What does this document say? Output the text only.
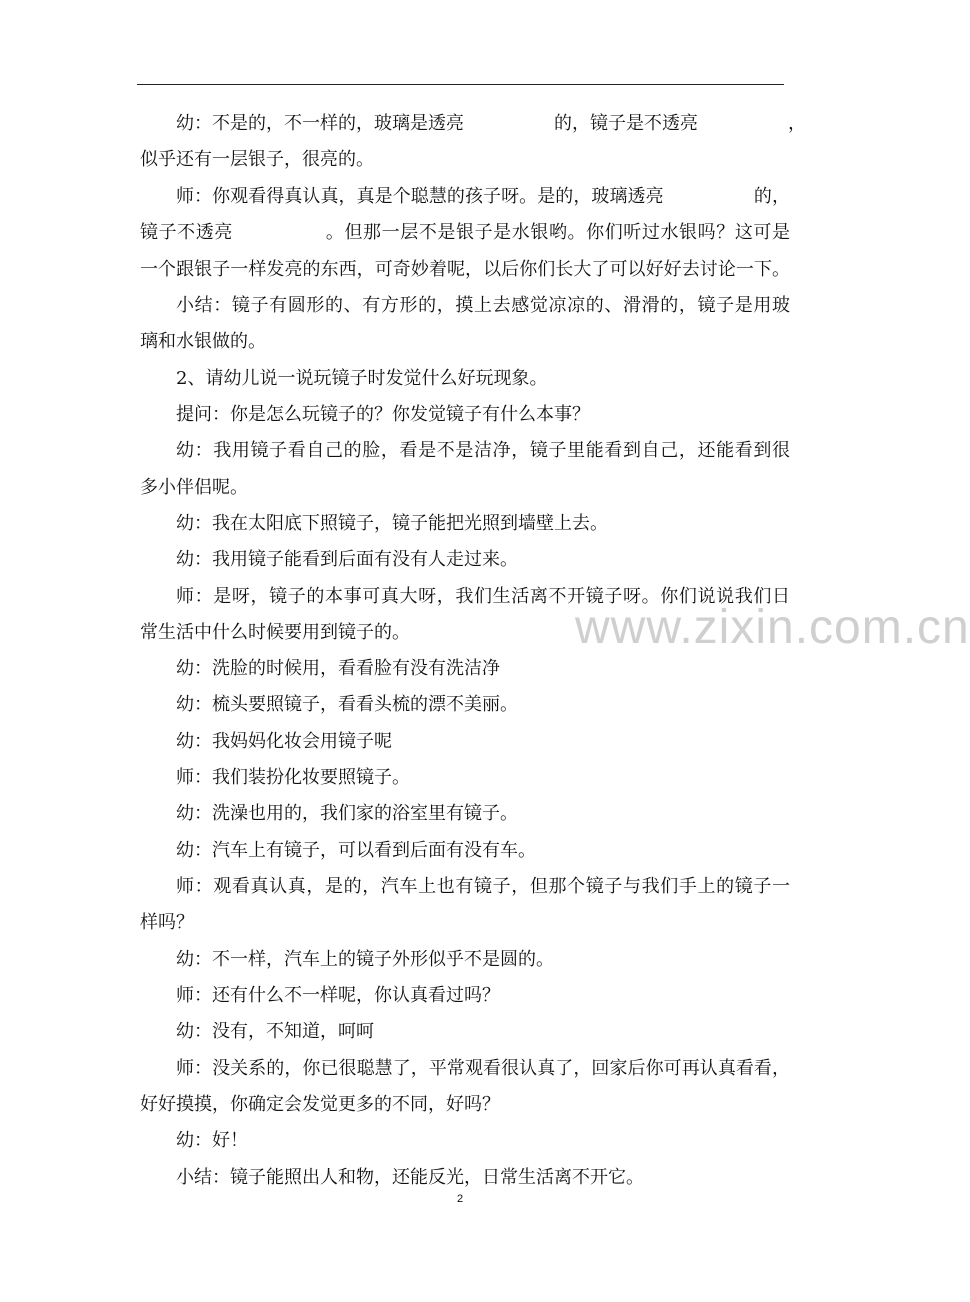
www.zixin.com.cn
幼：不是的，不一样的，玻璃是透亮　　　　　的，镜子是不透亮　　　　　，
似乎还有一层银子，很亮的。
师：你观看得真认真，真是个聪慧的孩子呀。是的，玻璃透亮　　　　　的，
镜子不透亮　　　　　。但那一层不是银子是水银哟。你们听过水银吗？这可是
一个跟银子一样发亮的东西，可奇妙着呢，以后你们长大了可以好好去讨论一下。
小结：镜子有圆形的、有方形的，摸上去感觉凉凉的、滑滑的，镜子是用玻
璃和水银做的。
2、请幼儿说一说玩镜子时发觉什么好玩现象。
提问：你是怎么玩镜子的？你发觉镜子有什么本事？
幼：我用镜子看自己的脸，看是不是洁净，镜子里能看到自己，还能看到很
多小伴侣呢。
幼：我在太阳底下照镜子，镜子能把光照到墙壁上去。
幼：我用镜子能看到后面有没有人走过来。
师：是呀，镜子的本事可真大呀，我们生活离不开镜子呀。你们说说我们日
常生活中什么时候要用到镜子的。
幼：洗脸的时候用，看看脸有没有洗洁净
幼：梳头要照镜子，看看头梳的漂不美丽。
幼：我妈妈化妆会用镜子呢
师：我们装扮化妆要照镜子。
幼：洗澡也用的，我们家的浴室里有镜子。
幼：汽车上有镜子，可以看到后面有没有车。
师：观看真认真，是的，汽车上也有镜子，但那个镜子与我们手上的镜子一
样吗？
幼：不一样，汽车上的镜子外形似乎不是圆的。
师：还有什么不一样呢，你认真看过吗？
幼：没有，不知道，呵呵
师：没关系的，你已很聪慧了，平常观看很认真了，回家后你可再认真看看，
好好摸摸，你确定会发觉更多的不同，好吗？
幼：好！
小结：镜子能照出人和物，还能反光，日常生活离不开它。
2
